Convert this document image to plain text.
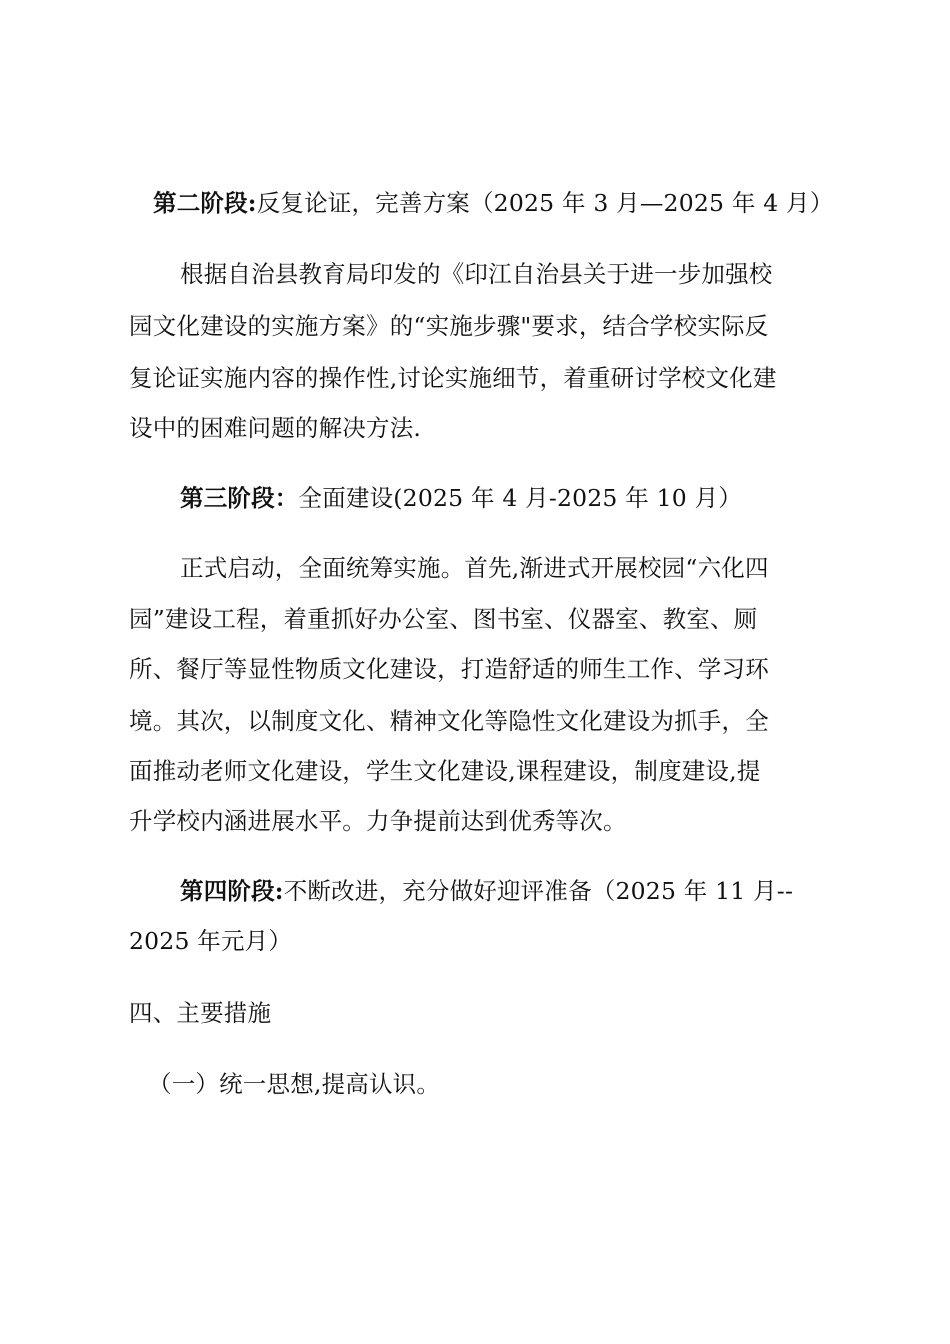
第二阶段:反复论证，完善方案（2025 年 3 月—2025 年 4 月）
根据自治县教育局印发的《印江自治县关于进一步加强校
园文化建设的实施方案》的“实施步骤"要求，结合学校实际反
复论证实施内容的操作性,讨论实施细节，着重研讨学校文化建
设中的困难问题的解决方法.
第三阶段：全面建设(2025 年 4 月-2025 年 10 月）
正式启动，全面统筹实施。首先,渐进式开展校园“六化四
园”建设工程，着重抓好办公室、图书室、仪器室、教室、厕
所、餐厅等显性物质文化建设，打造舒适的师生工作、学习环
境。其次，以制度文化、精神文化等隐性文化建设为抓手，全
面推动老师文化建设，学生文化建设,课程建设，制度建设,提
升学校内涵进展水平。力争提前达到优秀等次。
第四阶段:不断改进，充分做好迎评准备（2025 年 11 月--
2025 年元月）
四、主要措施
（一）统一思想,提高认识。
